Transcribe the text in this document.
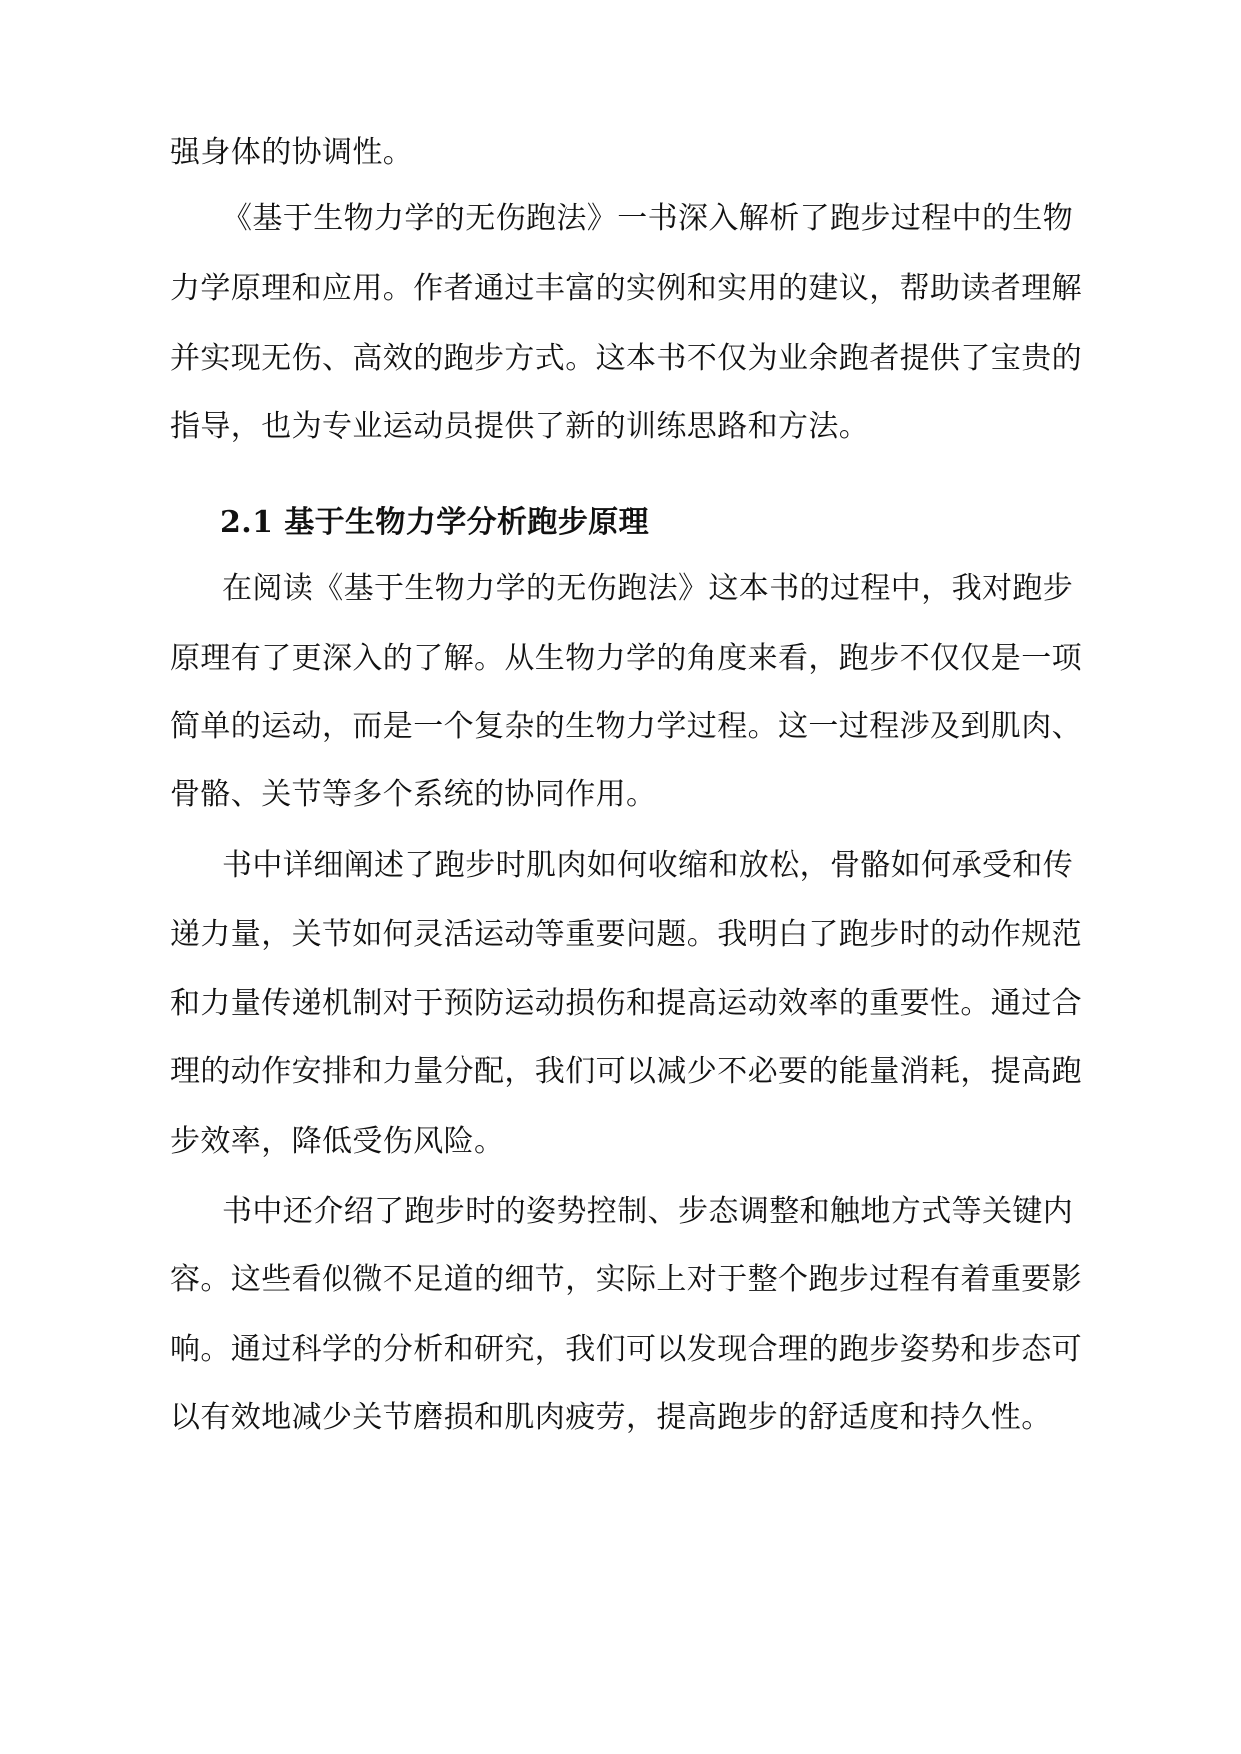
强身体的协调性。
《基于生物力学的无伤跑法》一书深入解析了跑步过程中的生物
力学原理和应用。作者通过丰富的实例和实用的建议，帮助读者理解
并实现无伤、高效的跑步方式。这本书不仅为业余跑者提供了宝贵的
指导，也为专业运动员提供了新的训练思路和方法。
2.1 基于生物力学分析跑步原理
在阅读《基于生物力学的无伤跑法》这本书的过程中，我对跑步
原理有了更深入的了解。从生物力学的角度来看，跑步不仅仅是一项
简单的运动，而是一个复杂的生物力学过程。这一过程涉及到肌肉、
骨骼、关节等多个系统的协同作用。
书中详细阐述了跑步时肌肉如何收缩和放松，骨骼如何承受和传
递力量，关节如何灵活运动等重要问题。我明白了跑步时的动作规范
和力量传递机制对于预防运动损伤和提高运动效率的重要性。通过合
理的动作安排和力量分配，我们可以减少不必要的能量消耗，提高跑
步效率，降低受伤风险。
书中还介绍了跑步时的姿势控制、步态调整和触地方式等关键内
容。这些看似微不足道的细节，实际上对于整个跑步过程有着重要影
响。通过科学的分析和研究，我们可以发现合理的跑步姿势和步态可
以有效地减少关节磨损和肌肉疲劳，提高跑步的舒适度和持久性。
